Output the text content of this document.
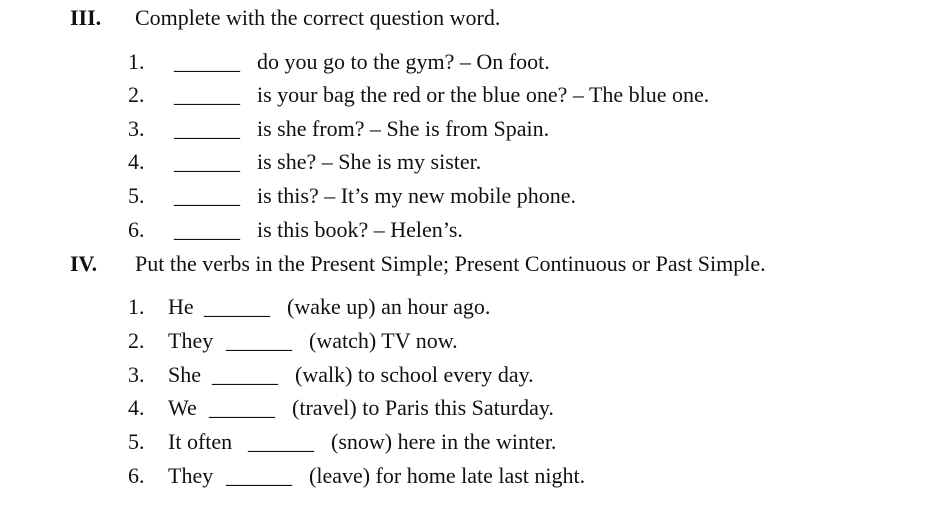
III. Complete with the correct question word.
1. ______ do you go to the gym? – On foot.
2. ______ is your bag the red or the blue one? – The blue one.
3. ______ is she from? – She is from Spain.
4. ______ is she? – She is my sister.
5. ______ is this? – It’s my new mobile phone.
6. ______ is this book? – Helen’s.
IV. Put the verbs in the Present Simple; Present Continuous or Past Simple.
1. He ______ (wake up) an hour ago.
2. They ______ (watch) TV now.
3. She ______ (walk) to school every day.
4. We ______ (travel) to Paris this Saturday.
5. It often ______ (snow) here in the winter.
6. They ______ (leave) for home late last night.
